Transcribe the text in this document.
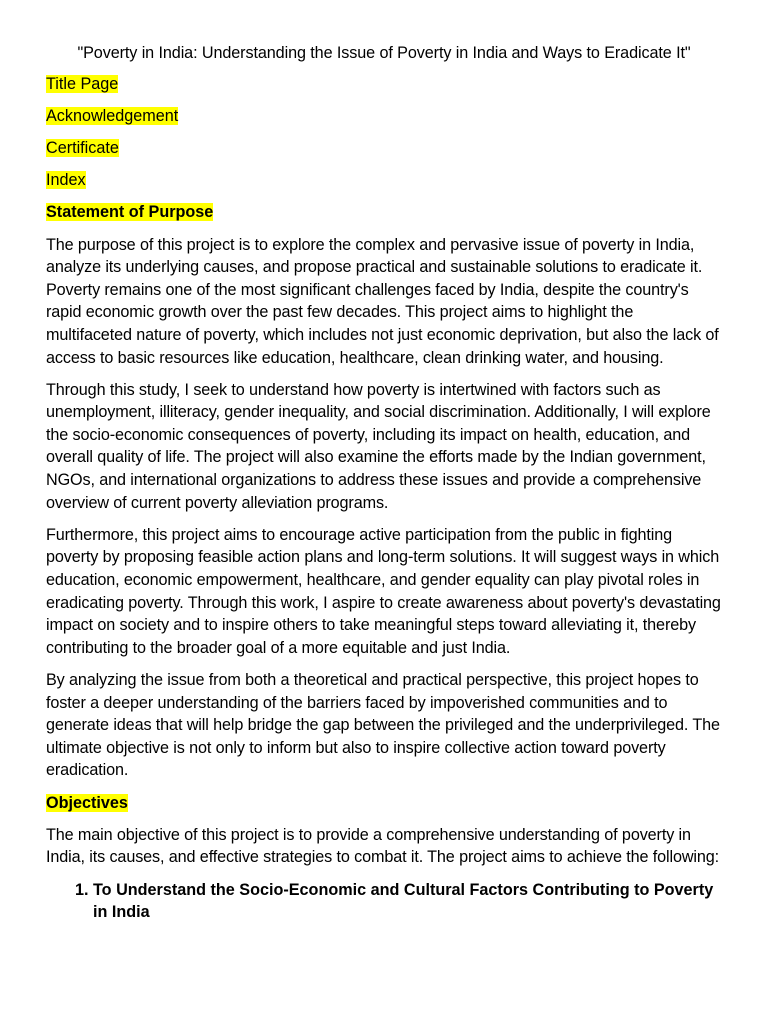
"Poverty in India: Understanding the Issue of Poverty in India and Ways to Eradicate It"
Title Page
Acknowledgement
Certificate
Index
Statement of Purpose

The purpose of this project is to explore the complex and pervasive issue of poverty in India, analyze its underlying causes, and propose practical and sustainable solutions to eradicate it. Poverty remains one of the most significant challenges faced by India, despite the country's rapid economic growth over the past few decades. This project aims to highlight the multifaceted nature of poverty, which includes not just economic deprivation, but also the lack of access to basic resources like education, healthcare, clean drinking water, and housing.

Through this study, I seek to understand how poverty is intertwined with factors such as unemployment, illiteracy, gender inequality, and social discrimination. Additionally, I will explore the socio-economic consequences of poverty, including its impact on health, education, and overall quality of life. The project will also examine the efforts made by the Indian government, NGOs, and international organizations to address these issues and provide a comprehensive overview of current poverty alleviation programs.

Furthermore, this project aims to encourage active participation from the public in fighting poverty by proposing feasible action plans and long-term solutions. It will suggest ways in which education, economic empowerment, healthcare, and gender equality can play pivotal roles in eradicating poverty. Through this work, I aspire to create awareness about poverty's devastating impact on society and to inspire others to take meaningful steps toward alleviating it, thereby contributing to the broader goal of a more equitable and just India.

By analyzing the issue from both a theoretical and practical perspective, this project hopes to foster a deeper understanding of the barriers faced by impoverished communities and to generate ideas that will help bridge the gap between the privileged and the underprivileged. The ultimate objective is not only to inform but also to inspire collective action toward poverty eradication.

Objectives

The main objective of this project is to provide a comprehensive understanding of poverty in India, its causes, and effective strategies to combat it. The project aims to achieve the following:

1. To Understand the Socio-Economic and Cultural Factors Contributing to Poverty in India
